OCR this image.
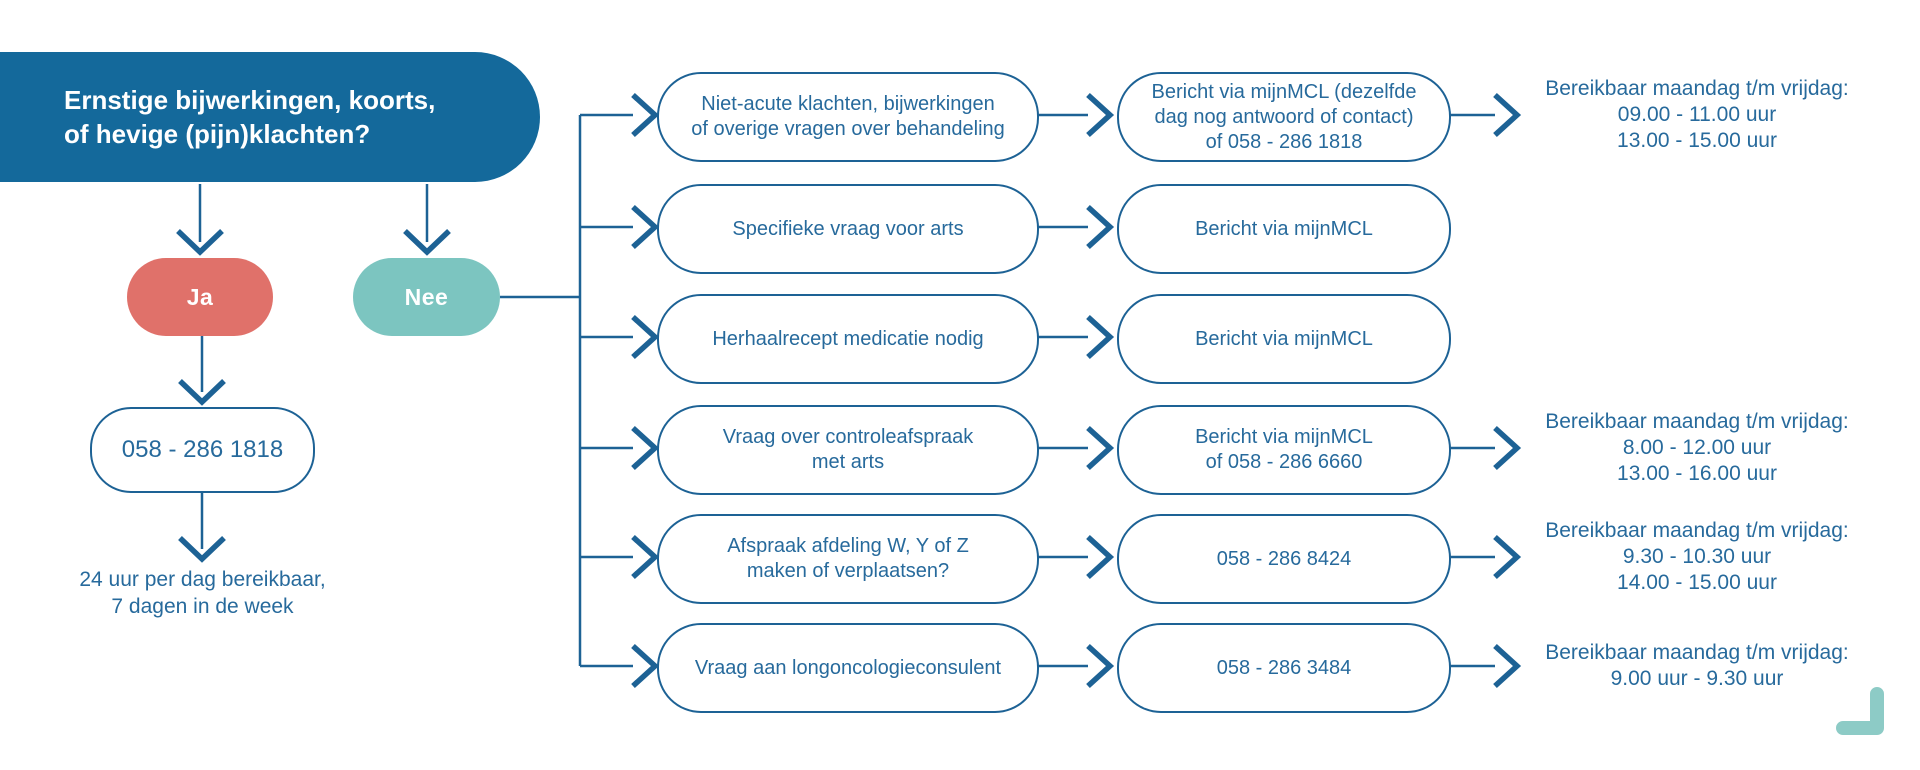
Ernstige bijwerkingen, koorts,
of hevige (pijn)klachten?
Ja	Nee
058 - 286 1818
24 uur per dag bereikbaar,
7 dagen in de week
Niet-acute klachten, bijwerkingen
of overige vragen over behandeling
Bericht via mijnMCL (dezelfde
dag nog antwoord of contact)
of 058 - 286 1818
Bereikbaar maandag t/m vrijdag:
09.00 - 11.00 uur
13.00 - 15.00 uur
Specifieke vraag voor arts	Bericht via mijnMCL
Herhaalrecept medicatie nodig	Bericht via mijnMCL
Vraag over controleafspraak
met arts
Bericht via mijnMCL
of 058 - 286 6660
Bereikbaar maandag t/m vrijdag:
8.00 - 12.00 uur
13.00 - 16.00 uur
Afspraak afdeling W, Y of Z
maken of verplaatsen?
058 - 286 8424
Bereikbaar maandag t/m vrijdag:
9.30 - 10.30 uur
14.00 - 15.00 uur
Vraag aan longoncologieconsulent	058 - 286 3484
Bereikbaar maandag t/m vrijdag:
9.00 uur - 9.30 uur
